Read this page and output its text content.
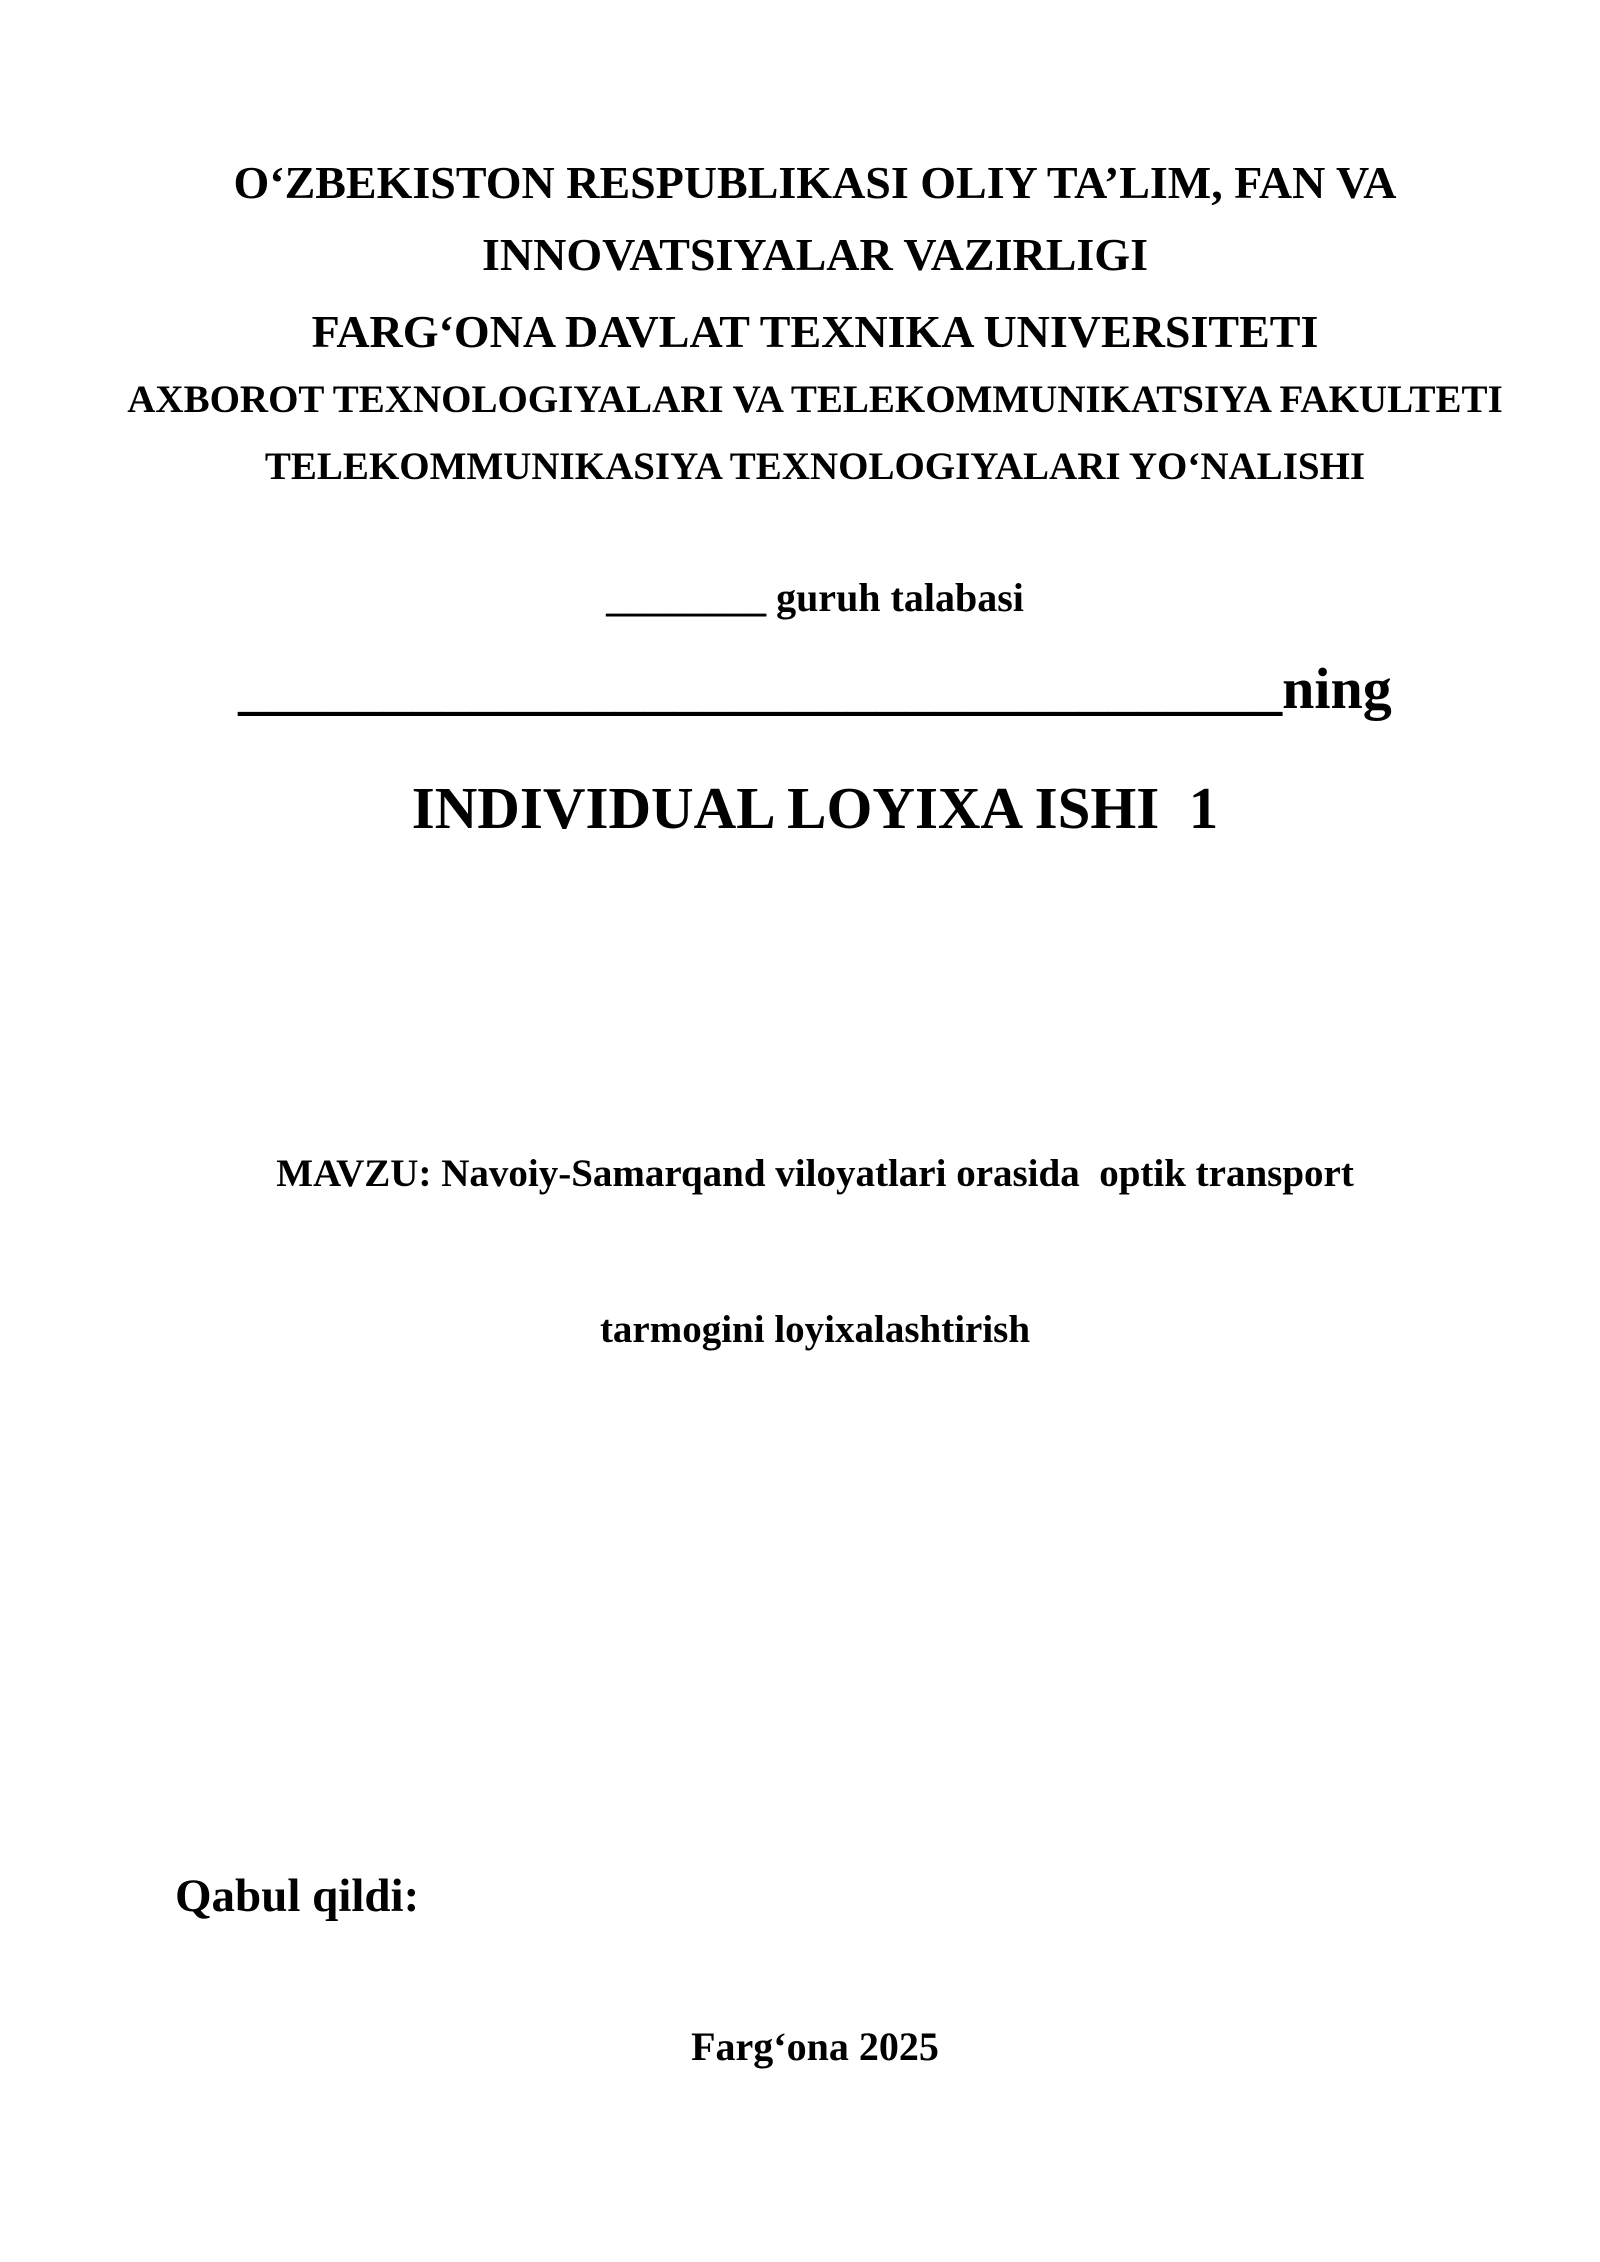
O‘ZBEKISTON RESPUBLIKASI OLIY TA’LIM, FAN VA
INNOVATSIYALAR VAZIRLIGI
FARG‘ONA DAVLAT TEXNIKA UNIVERSITETI
AXBOROT TEXNOLOGIYALARI VA TELEKOMMUNIKATSIYA FAKULTETI
TELEKOMMUNIKASIYA TEXNOLOGIYALARI YO‘NALISHI
________ guruh talabasi
____________________________________ning
INDIVIDUAL LOYIXA ISHI  1

MAVZU: Navoiy-Samarqand viloyatlari orasida  optik transport

tarmogini loyixalashtirish

Qabul qildi:
Farg‘ona 2025
